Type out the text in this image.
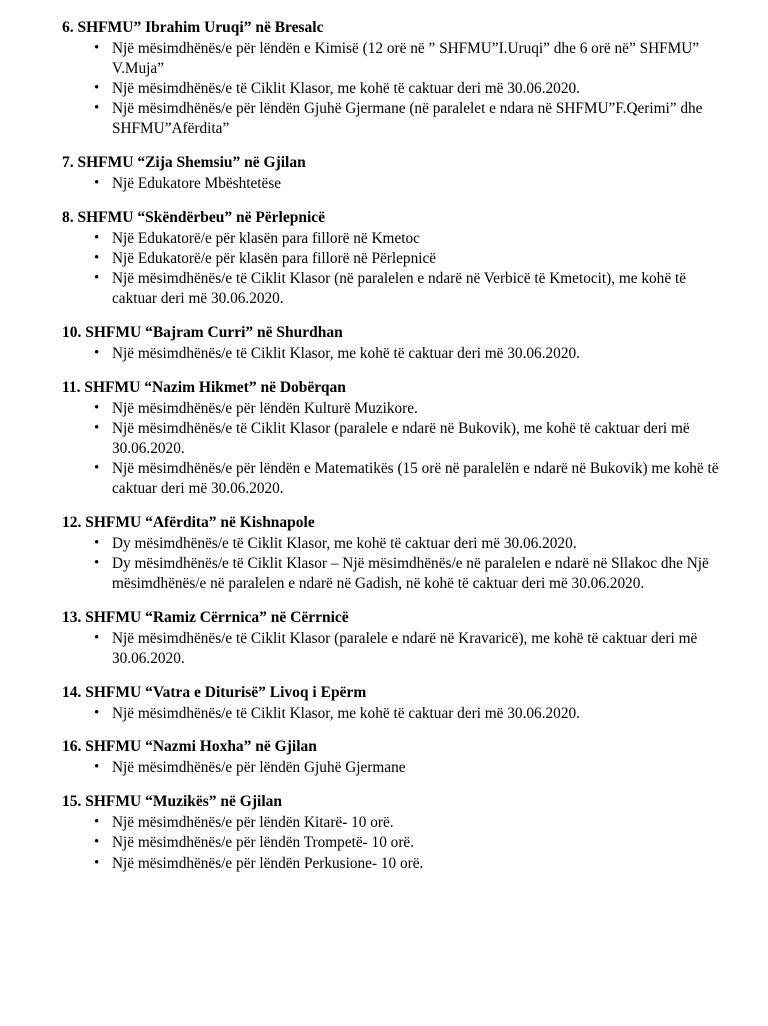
6. SHFMU” Ibrahim Uruqi” në Bresalc

• Një mësimdhënës/e për lëndën e Kimisë (12 orë në ” SHFMU”I.Uruqi” dhe 6 orë në” SHFMU” V.Muja”
• Një mësimdhënës/e të Ciklit Klasor, me kohë të caktuar deri më 30.06.2020.
• Një mësimdhënës/e për lëndën Gjuhë Gjermane (në paralelet e ndara në SHFMU”F.Qerimi” dhe SHFMU”Afërdita”

7. SHFMU “Zija Shemsiu” në Gjilan

• Një Edukatore Mbështetëse

8. SHFMU “Skëndërbeu” në Përlepnicë

• Një Edukatorë/e për klasën para fillorë në Kmetoc
• Një Edukatorë/e për klasën para fillorë në Përlepnicë
• Një mësimdhënës/e të Ciklit Klasor (në paralelen e ndarë në Verbicë të Kmetocit), me kohë të caktuar deri më 30.06.2020.

10. SHFMU “Bajram Curri” në Shurdhan

• Një mësimdhënës/e të Ciklit Klasor, me kohë të caktuar deri më 30.06.2020.

11. SHFMU “Nazim Hikmet” në Dobërqan

• Një mësimdhënës/e për lëndën Kulturë Muzikore.
• Një mësimdhënës/e të Ciklit Klasor (paralele e ndarë në Bukovik), me kohë të caktuar deri më 30.06.2020.
• Një mësimdhënës/e për lëndën e Matematikës (15 orë në paralelën e ndarë në Bukovik) me kohë të caktuar deri më 30.06.2020.

12. SHFMU “Afërdita” në Kishnapole

• Dy mësimdhënës/e të Ciklit Klasor, me kohë të caktuar deri më 30.06.2020.
• Dy mësimdhënës/e të Ciklit Klasor – Një mësimdhënës/e në paralelen e ndarë në Sllakoc dhe Një mësimdhënës/e në paralelen e ndarë në Gadish, në kohë të caktuar deri më 30.06.2020.

13. SHFMU “Ramiz Cërrnica” në Cërrnicë

• Një mësimdhënës/e të Ciklit Klasor (paralele e ndarë në Kravaricë), me kohë të caktuar deri më 30.06.2020.

14. SHFMU “Vatra e Diturisë” Livoq i Epërm

• Një mësimdhënës/e të Ciklit Klasor, me kohë të caktuar deri më 30.06.2020.

16. SHFMU “Nazmi Hoxha” në Gjilan

• Një mësimdhënës/e për lëndën Gjuhë Gjermane

15. SHFMU “Muzikës” në Gjilan

• Një mësimdhënës/e për lëndën Kitarë- 10 orë.
• Një mësimdhënës/e për lëndën Trompetë- 10 orë.
• Një mësimdhënës/e për lëndën Perkusione- 10 orë.
